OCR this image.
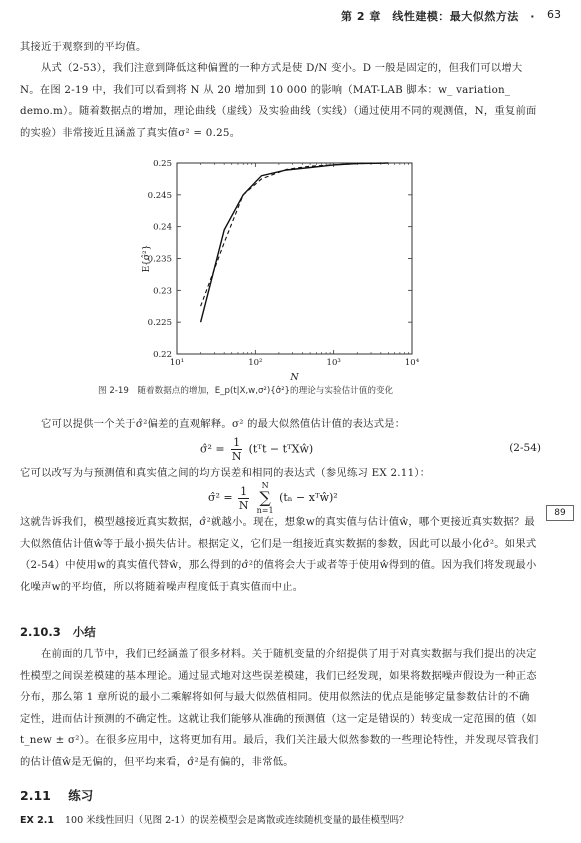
第 2 章　线性建模：最大似然方法　· 63
其接近于观察到的平均值。
从式（2-53），我们注意到降低这种偏置的一种方式是使 D/N 变小。D 一般是固定的，但我们可以增大 N。在图 2-19 中，我们可以看到将 N 从 20 增加到 10 000 的影响（MAT-LAB 脚本：w_ variation_ demo.m）。随着数据点的增加，理论曲线（虚线）及实验曲线（实线）（通过使用不同的观测值，N，重复前面的实验）非常接近且涵盖了真实值σ² = 0.25。
0.22
0.225
0.23
0.235
0.24
0.245
0.25
10¹	10²	10³	10⁴
N
E{σ̂²}
图 2-19　随着数据点的增加，E_p(t|X,w,σ²){σ̂²}的理论与实验估计值的变化
它可以提供一个关于σ̂²偏差的直观解释。σ² 的最大似然值估计值的表达式是：
σ̂² = $\frac{1}{N}$ (tᵀt − tᵀXŵ)	(2-54)
它可以改写为与预测值和真实值之间的均方误差和相同的表达式（参见练习 EX 2.11）：
σ̂² = $\frac{1}{N}$
	N
∑
n=1
(tₙ − xᵀŵ)²
89
这就告诉我们，模型越接近真实数据，σ̂²就越小。现在，想象w的真实值与估计值ŵ，哪个更接近真实数据？最大似然值估计值ŵ等于最小损失估计。根据定义，它们是一组接近真实数据的参数，因此可以最小化σ̂²。如果式（2-54）中使用w的真实值代替ŵ，那么得到的σ̂²的值将会大于或者等于使用ŵ得到的值。因为我们将发现最小化噪声w的平均值，所以将随着噪声程度低于真实值而中止。
2.10.3 小结
在前面的几节中，我们已经涵盖了很多材料。关于随机变量的介绍提供了用于对真实数据与我们提出的决定性模型之间误差模建的基本理论。通过显式地对这些误差模建，我们已经发现，如果将数据噪声假设为一种正态分布，那么第 1 章所说的最小二乘解将如何与最大似然值相同。使用似然法的优点是能够定量参数估计的不确定性，进而估计预测的不确定性。这就让我们能够从准确的预测值（这一定是错误的）转变成一定范围的值（如 t_new ± σ²）。在很多应用中，这将更加有用。最后，我们关注最大似然参数的一些理论特性，并发现尽管我们的估计值ŵ是无偏的，但平均来看，σ̂²是有偏的，非常低。
2.11 练习
EX 2.1 100 米线性回归（见图 2-1）的误差模型会是离散或连续随机变量的最佳模型吗？
